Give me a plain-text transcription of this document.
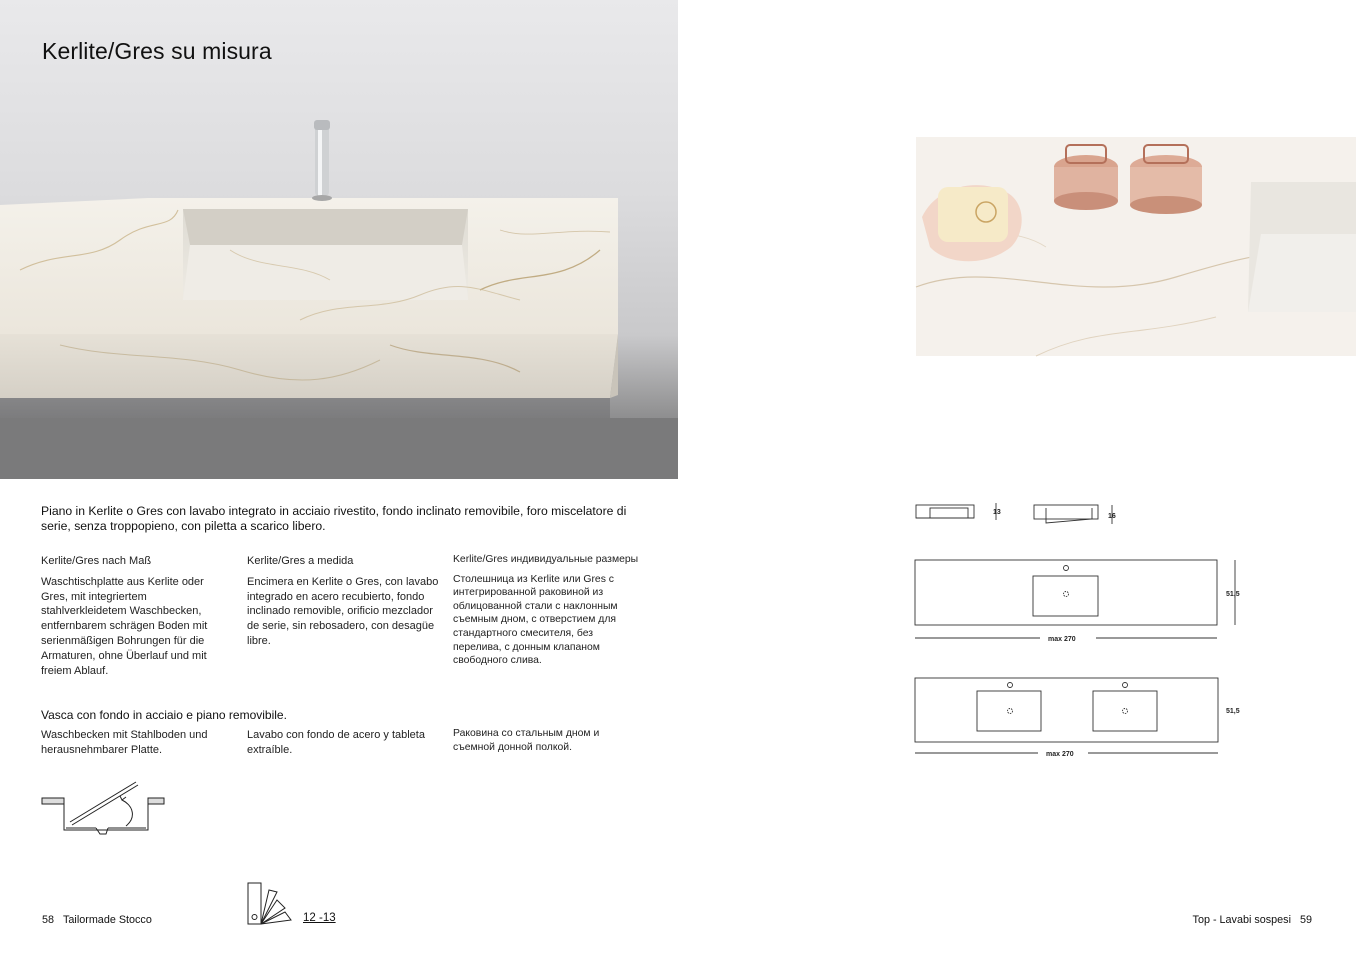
Kerlite/Gres su misura
Piano in Kerlite o Gres con lavabo integrato in acciaio rivestito, fondo inclinato removibile, foro miscelatore di serie, senza troppopieno, con piletta a scarico libero.
Kerlite/Gres nach Maß
Waschtischplatte aus Kerlite oder Gres, mit integriertem stahlverkleidetem Waschbecken, entfernbarem schrägen Boden mit serienmäßigen Bohrungen für die Armaturen, ohne Überlauf und mit freiem Ablauf.
Kerlite/Gres a medida
Encimera en Kerlite o Gres, con lavabo integrado en acero recubierto, fondo inclinado removible, orificio mezclador de serie, sin rebosadero, con desagüe libre.
Kerlite/Gres индивидуальные размеры
Столешница из Kerlite или Gres с интегрированной раковиной из облицованной стали с наклонным съемным дном, с отверстием для стандартного смесителя, без перелива, с донным клапаном свободного слива.
Vasca con fondo in acciaio e piano removibile.
Waschbecken mit Stahlboden und herausnehmbarer Platte.
Lavabo con fondo de acero y tableta extraíble.
Раковина со стальным дном и съемной донной полкой.
13
16
51,5
max 270
51,5
max 270
58 Tailormade Stocco	12 -13	Top - Lavabi sospesi 59
